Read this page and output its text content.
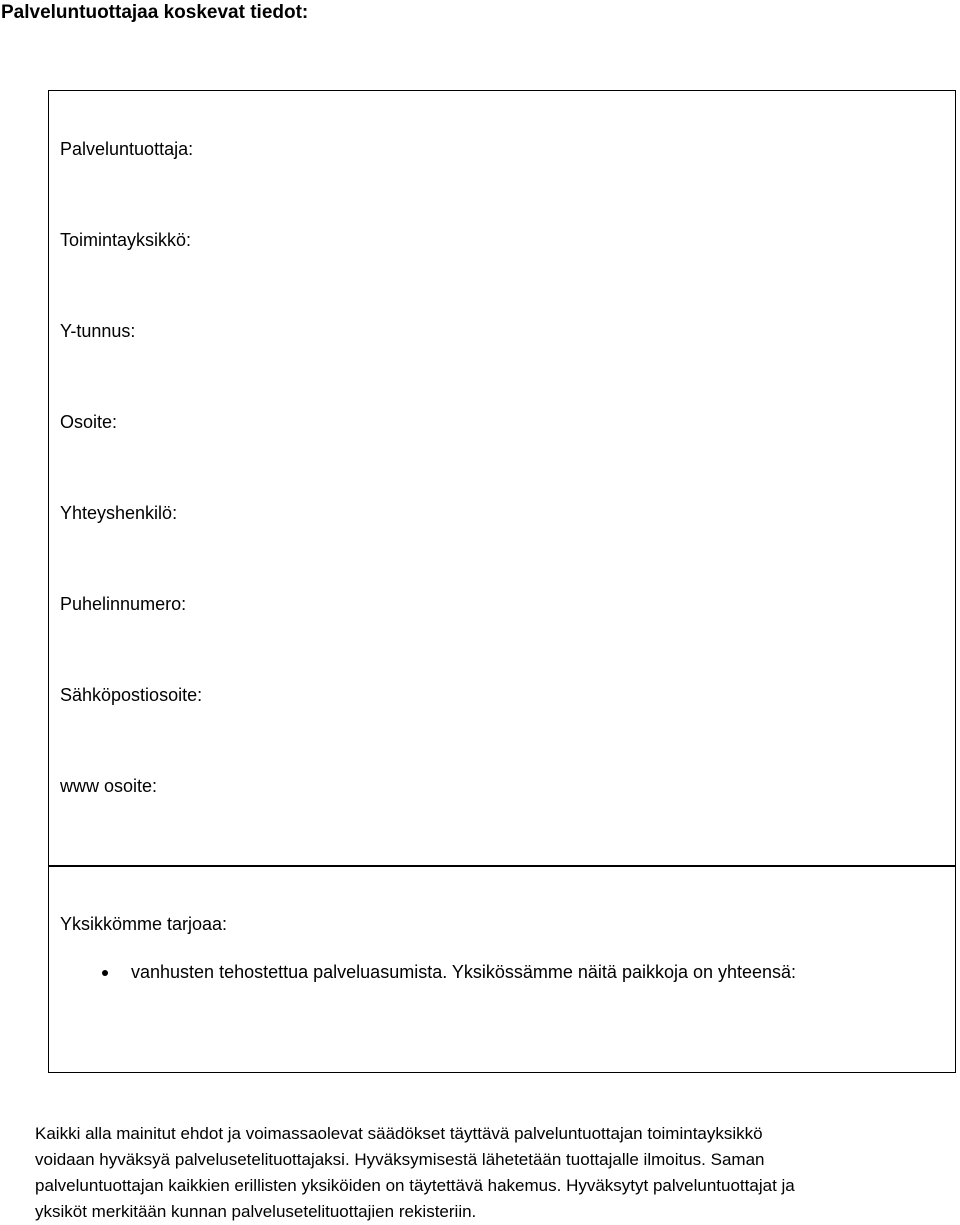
Palveluntuottajaa koskevat tiedot:
Palveluntuottaja:
Toimintayksikkö:
Y-tunnus:
Osoite:
Yhteyshenkilö:
Puhelinnumero:
Sähköpostiosoite:
www osoite:
Yksikkömme tarjoaa:
vanhusten tehostettua palveluasumista. Yksikössämme näitä paikkoja on yhteensä:

Kaikki alla mainitut ehdot ja voimassaolevat säädökset täyttävä palveluntuottajan toimintayksikkö
voidaan hyväksyä palvelusetelituottajaksi. Hyväksymisestä lähetetään tuottajalle ilmoitus. Saman
palveluntuottajan kaikkien erillisten yksiköiden on täytettävä hakemus. Hyväksytyt palveluntuottajat ja
yksiköt merkitään kunnan palvelusetelituottajien rekisteriin.
